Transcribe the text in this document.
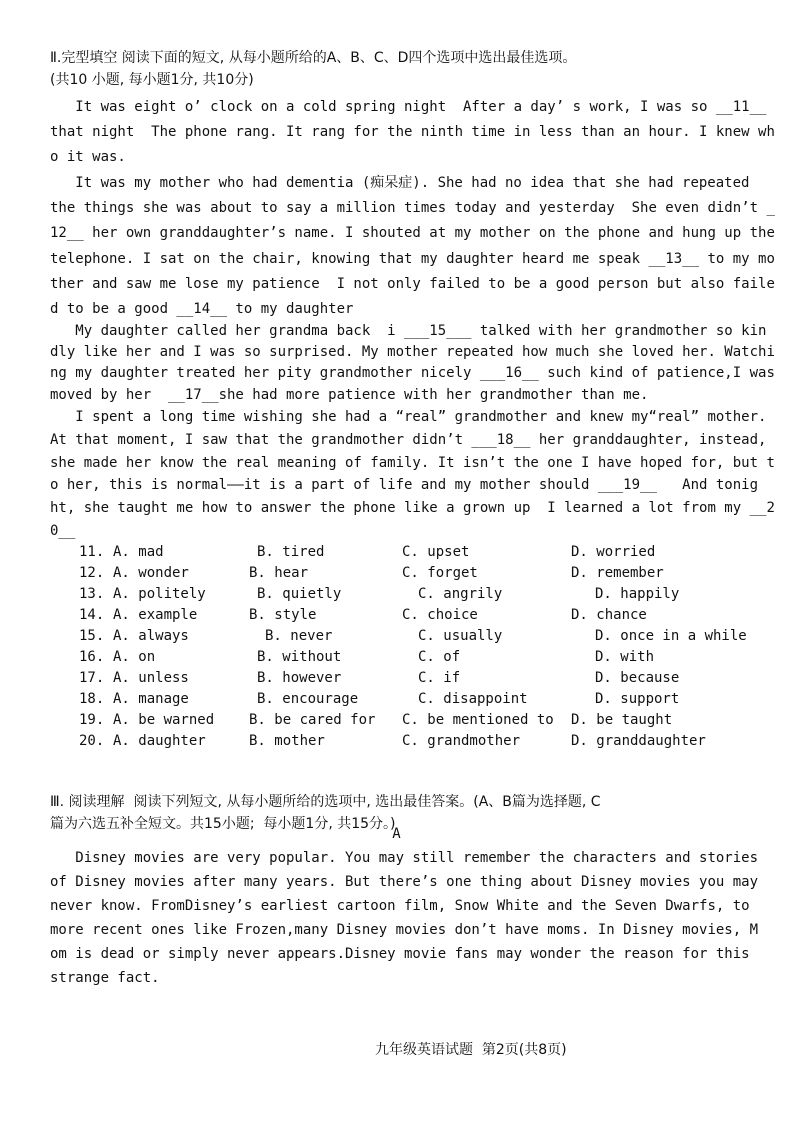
Ⅱ.完型填空 阅读下面的短文, 从每小题所给的A、B、C、D四个选项中选出最佳选项。
(共10 小题, 每小题1分, 共10分)
It was eight o’ clock on a cold spring night  After a day’ s work, I was so __11__
that night  The phone rang. It rang for the ninth time in less than an hour. I knew wh
o it was.
It was my mother who had dementia (痴呆症). She had no idea that she had repeated
the things she was about to say a million times today and yesterday  She even didn’t _
12__ her own granddaughter’s name. I shouted at my mother on the phone and hung up the
telephone. I sat on the chair, knowing that my daughter heard me speak __13__ to my mo
ther and saw me lose my patience  I not only failed to be a good person but also faile
d to be a good __14__ to my daughter
My daughter called her grandma back  i ___15___ talked with her grandmother so kin
dly like her and I was so surprised. My mother repeated how much she loved her. Watchi
ng my daughter treated her pity grandmother nicely ___16__ such kind of patience,I was
moved by her  __17__she had more patience with her grandmother than me.
I spent a long time wishing she had a “real” grandmother and knew my“real” mother.
At that moment, I saw that the grandmother didn’t ___18__ her granddaughter, instead,
she made her know the real meaning of family. It isn’t the one I have hoped for, but t
o her, this is normal——it is a part of life and my mother should ___19__   And tonig
ht, she taught me how to answer the phone like a grown up  I learned a lot from my __2
0__
11. A. mad	B. tired	C. upset	D. worried
12. A. wonder	B. hear	C. forget	D. remember
13. A. politely	B. quietly	C. angrily	D. happily
14. A. example	B. style	C. choice	D. chance
15. A. always	B. never	C. usually	D. once in a while
16. A. on	B. without	C. of	D. with
17. A. unless	B. however	C. if	D. because
18. A. manage	B. encourage	C. disappoint	D. support
19. A. be warned B. be cared for C. be mentioned to D. be taught
20. A. daughter	B. mother	C. grandmother	D. granddaughter
Ⅲ. 阅读理解  阅读下列短文, 从每小题所给的选项中, 选出最佳答案。(A、B篇为选择题, C
篇为六选五补全短文。共15小题;  每小题1分, 共15分。)
A
Disney movies are very popular. You may still remember the characters and stories
of Disney movies after many years. But there’s one thing about Disney movies you may
never know. FromDisney’s earliest cartoon film, Snow White and the Seven Dwarfs, to
more recent ones like Frozen,many Disney movies don’t have moms. In Disney movies, M
om is dead or simply never appears.Disney movie fans may wonder the reason for this
strange fact.
九年级英语试题  第2页(共8页)
